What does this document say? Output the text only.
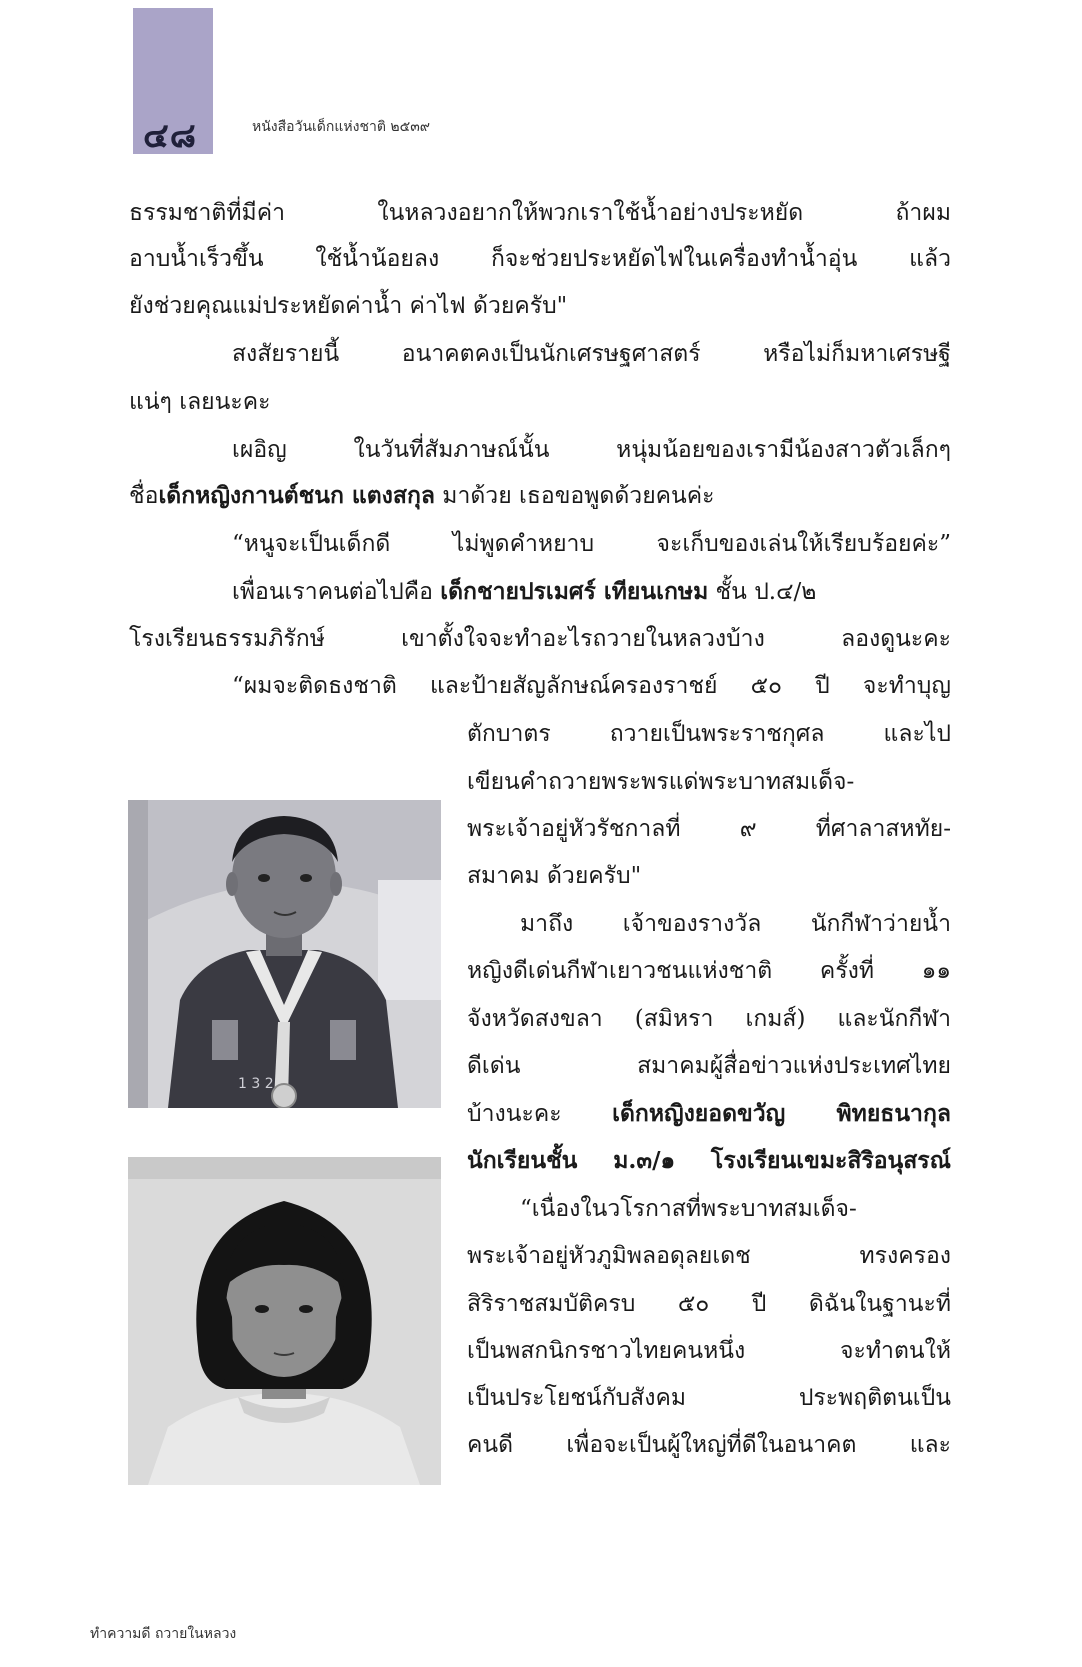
๔๘	หนังสือวันเด็กแห่งชาติ ๒๕๓๙
ธรรมชาติที่มีค่า ในหลวงอยากให้พวกเราใช้น้ำอย่างประหยัด ถ้าผม
อาบน้ำเร็วขึ้น ใช้น้ำน้อยลง ก็จะช่วยประหยัดไฟในเครื่องทำน้ำอุ่น แล้ว
ยังช่วยคุณแม่ประหยัดค่าน้ำ ค่าไฟ ด้วยครับ"
สงสัยรายนี้ อนาคตคงเป็นนักเศรษฐศาสตร์ หรือไม่ก็มหาเศรษฐี
แน่ๆ เลยนะคะ
เผอิญ ในวันที่สัมภาษณ์นั้น หนุ่มน้อยของเรามีน้องสาวตัวเล็กๆ
ชื่อเด็กหญิงกานต์ชนก แตงสกุล มาด้วย เธอขอพูดด้วยคนค่ะ
“หนูจะเป็นเด็กดี ไม่พูดคำหยาบ จะเก็บของเล่นให้เรียบร้อยค่ะ”
เพื่อนเราคนต่อไปคือ เด็กชายปรเมศร์ เทียนเกษม ชั้น ป.๔/๒
โรงเรียนธรรมภิรักษ์ เขาตั้งใจจะทำอะไรถวายในหลวงบ้าง ลองดูนะคะ
“ผมจะติดธงชาติ และป้ายสัญลักษณ์ครองราชย์ ๕๐ ปี จะทำบุญ
ตักบาตร ถวายเป็นพระราชกุศล และไป
เขียนคำถวายพระพรแด่พระบาทสมเด็จ-
พระเจ้าอยู่หัวรัชกาลที่ ๙ ที่ศาลาสหทัย-
สมาคม ด้วยครับ"
มาถึง เจ้าของรางวัล นักกีฬาว่ายน้ำ
หญิงดีเด่นกีฬาเยาวชนแห่งชาติ ครั้งที่ ๑๑
จังหวัดสงขลา (สมิหรา เกมส์) และนักกีฬา
ดีเด่น สมาคมผู้สื่อข่าวแห่งประเทศไทย
บ้างนะคะ เด็กหญิงยอดขวัญ พิทยธนากุล
นักเรียนชั้น ม.๓/๑ โรงเรียนเขมะสิริอนุสรณ์
“เนื่องในวโรกาสที่พระบาทสมเด็จ-
พระเจ้าอยู่หัวภูมิพลอดุลยเดช ทรงครอง
สิริราชสมบัติครบ ๕๐ ปี ดิฉันในฐานะที่
เป็นพสกนิกรชาวไทยคนหนึ่ง จะทำตนให้
เป็นประโยชน์กับสังคม ประพฤติตนเป็น
คนดี เพื่อจะเป็นผู้ใหญ่ที่ดีในอนาคต และ
1 3 2
ทำความดี ถวายในหลวง
